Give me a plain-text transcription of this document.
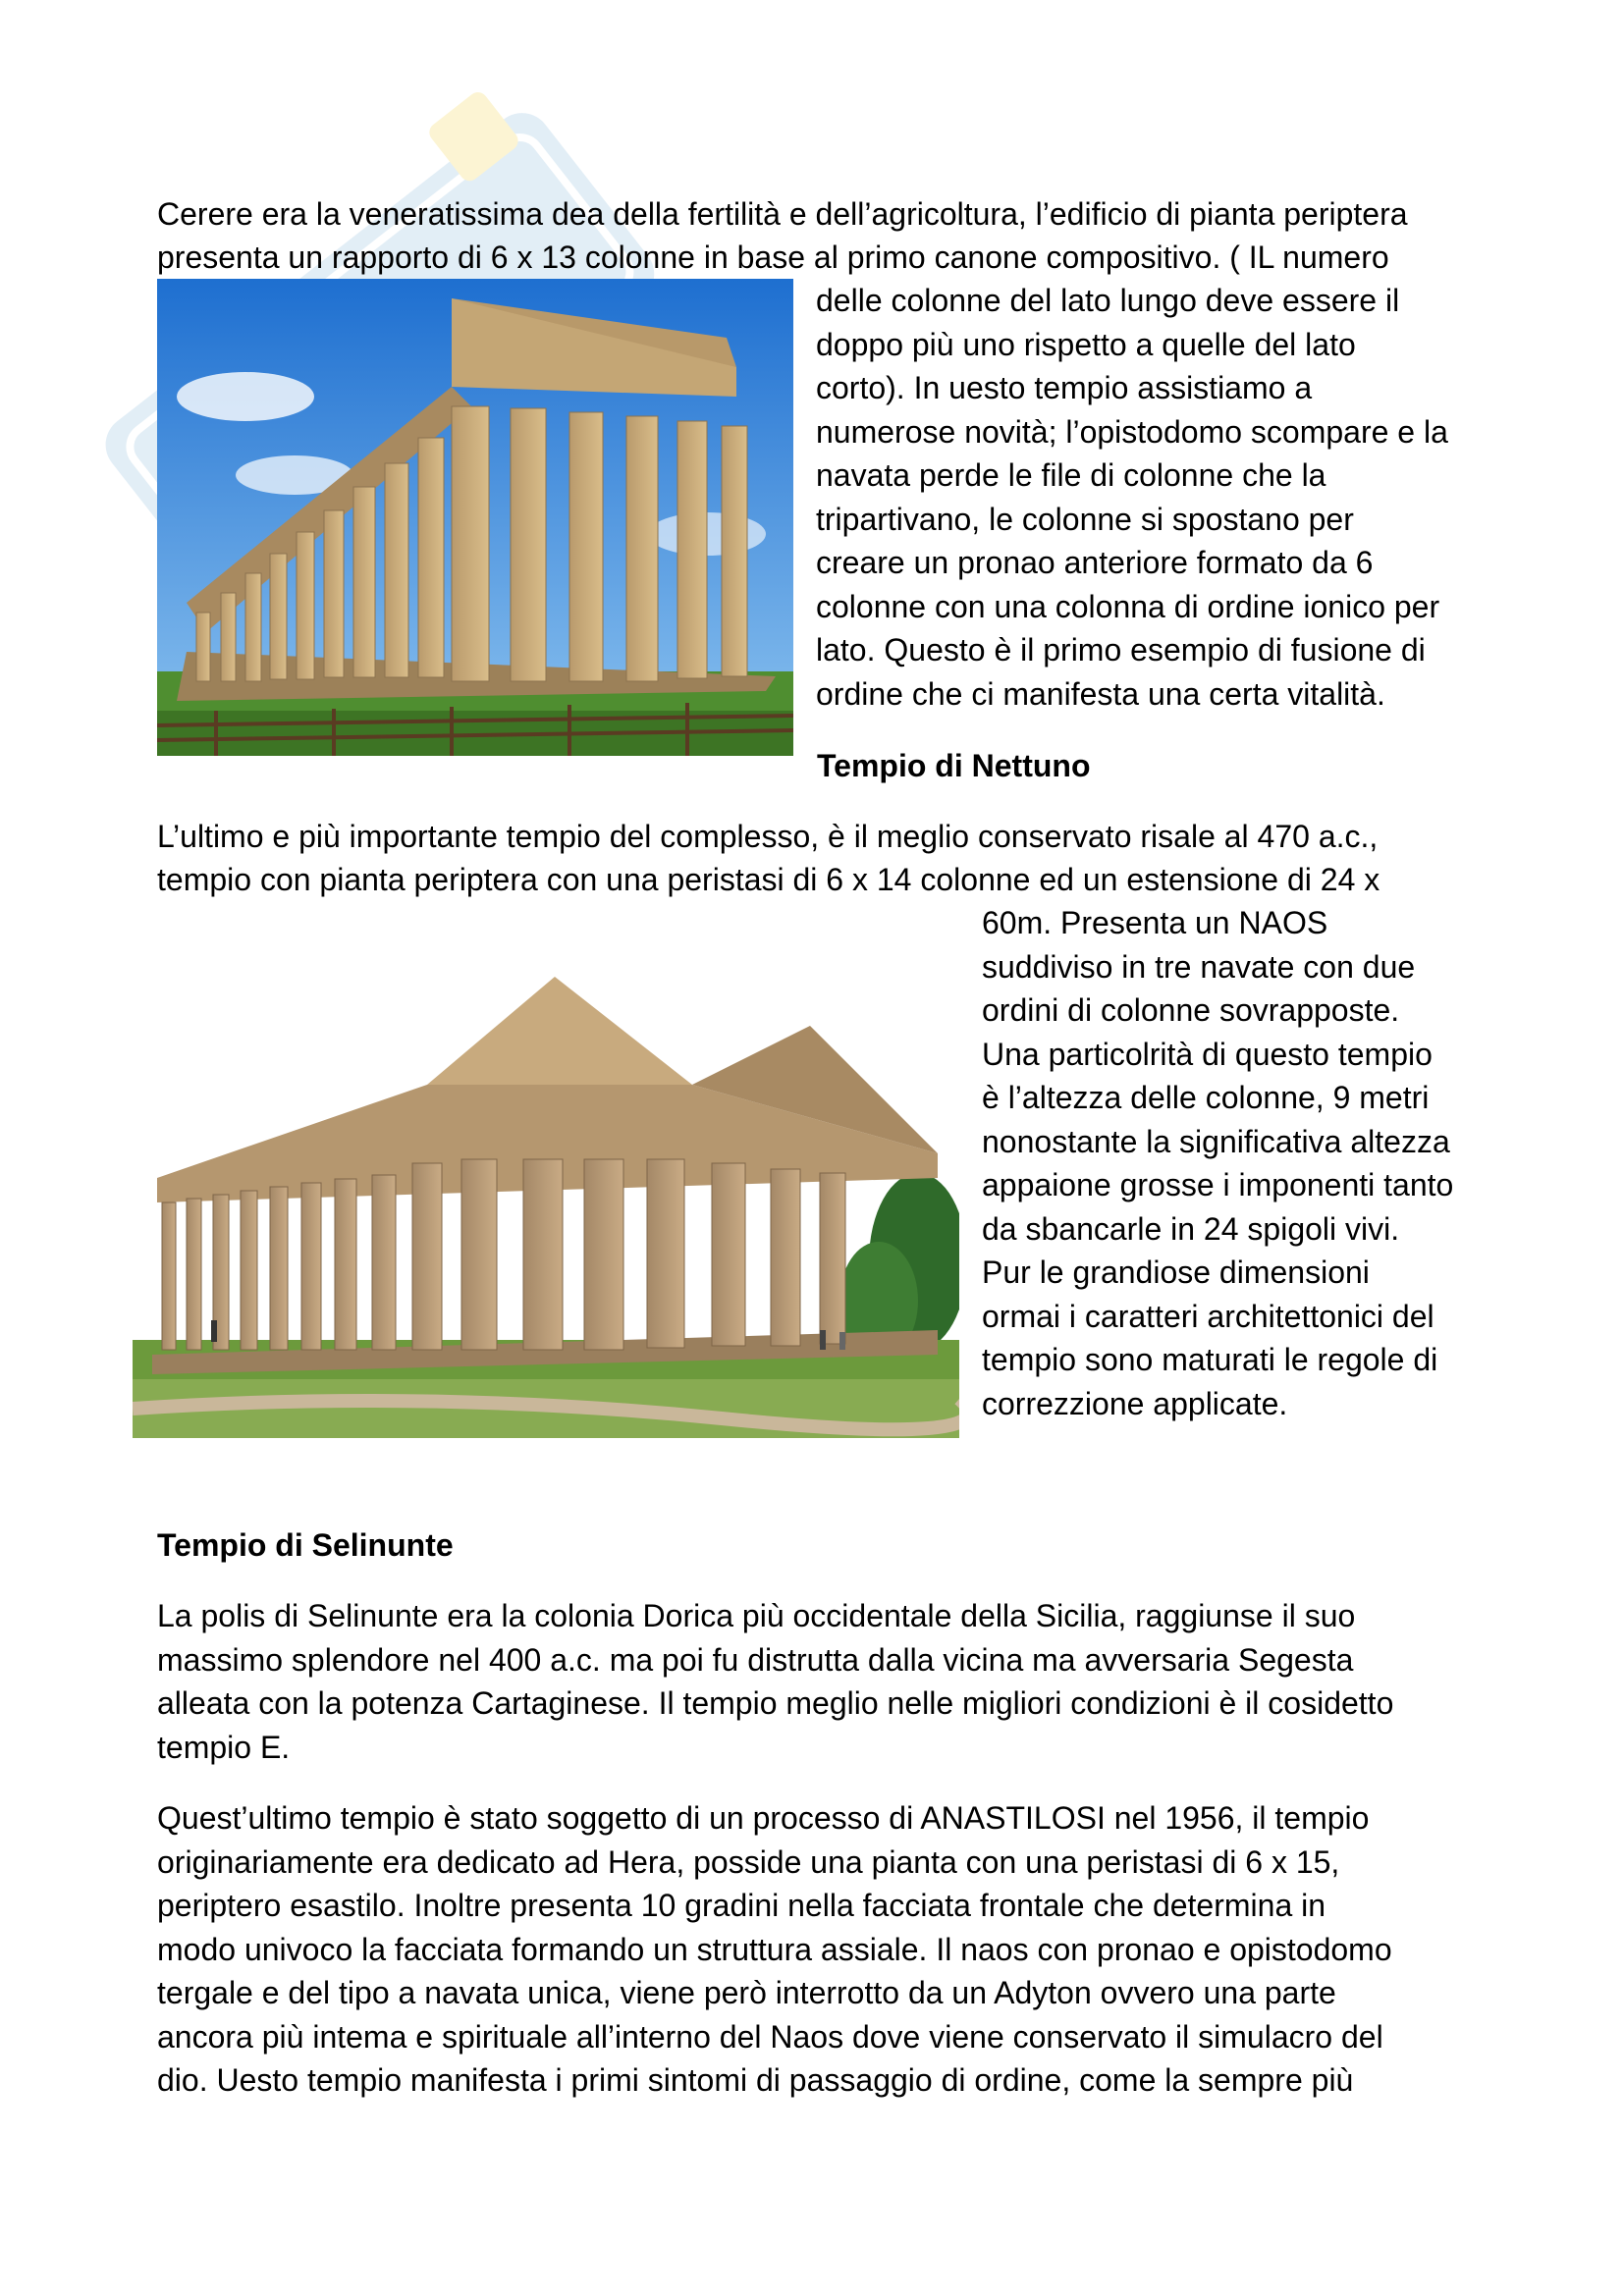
Cerere era la veneratissima dea della fertilità e dell’agricoltura, l’edificio di pianta periptera

presenta un rapporto di 6 x 13 colonne in base al primo canone compositivo. ( IL numero

delle colonne del lato lungo deve essere il

doppo più uno rispetto a quelle del lato

corto). In uesto tempio assistiamo a

numerose novità; l’opistodomo scompare e la

navata perde le file di colonne che la

tripartivano, le colonne si spostano per

creare un pronao anteriore formato da 6

colonne con una colonna di ordine ionico per

lato. Questo è il primo esempio di fusione di

ordine che ci manifesta una certa vitalità.

Tempio di Nettuno

L’ultimo e più importante tempio del complesso, è il meglio conservato risale al 470 a.c.,

tempio con pianta periptera con una peristasi di 6 x 14 colonne ed un estensione di 24 x

60m. Presenta un NAOS

suddiviso in tre navate con due

ordini di colonne sovrapposte.

Una particolrità di questo tempio

è l’altezza delle colonne, 9 metri

nonostante la significativa altezza

appaione grosse i imponenti tanto

da sbancarle in 24 spigoli vivi.

Pur le grandiose dimensioni

ormai i caratteri architettonici del

tempio sono maturati le regole di

correzzione applicate.

Tempio di Selinunte

La polis di Selinunte era la colonia Dorica più occidentale della Sicilia, raggiunse il suo

massimo splendore nel 400 a.c. ma poi fu distrutta dalla vicina ma avversaria Segesta

alleata con la potenza Cartaginese. Il tempio meglio nelle migliori condizioni è il cosidetto

tempio E.

Quest’ultimo tempio è stato soggetto di un processo di ANASTILOSI nel 1956, il tempio

originariamente era dedicato ad Hera, posside una pianta con una peristasi di 6 x 15,

periptero esastilo. Inoltre presenta 10 gradini nella facciata frontale che determina in

modo univoco la facciata formando un struttura assiale. Il naos con pronao e opistodomo

tergale e del tipo a navata unica, viene però interrotto da un Adyton ovvero una parte

ancora più intema e spirituale all’interno del Naos dove viene conservato il simulacro del

dio. Uesto tempio manifesta i primi sintomi di passaggio di ordine, come la sempre più
